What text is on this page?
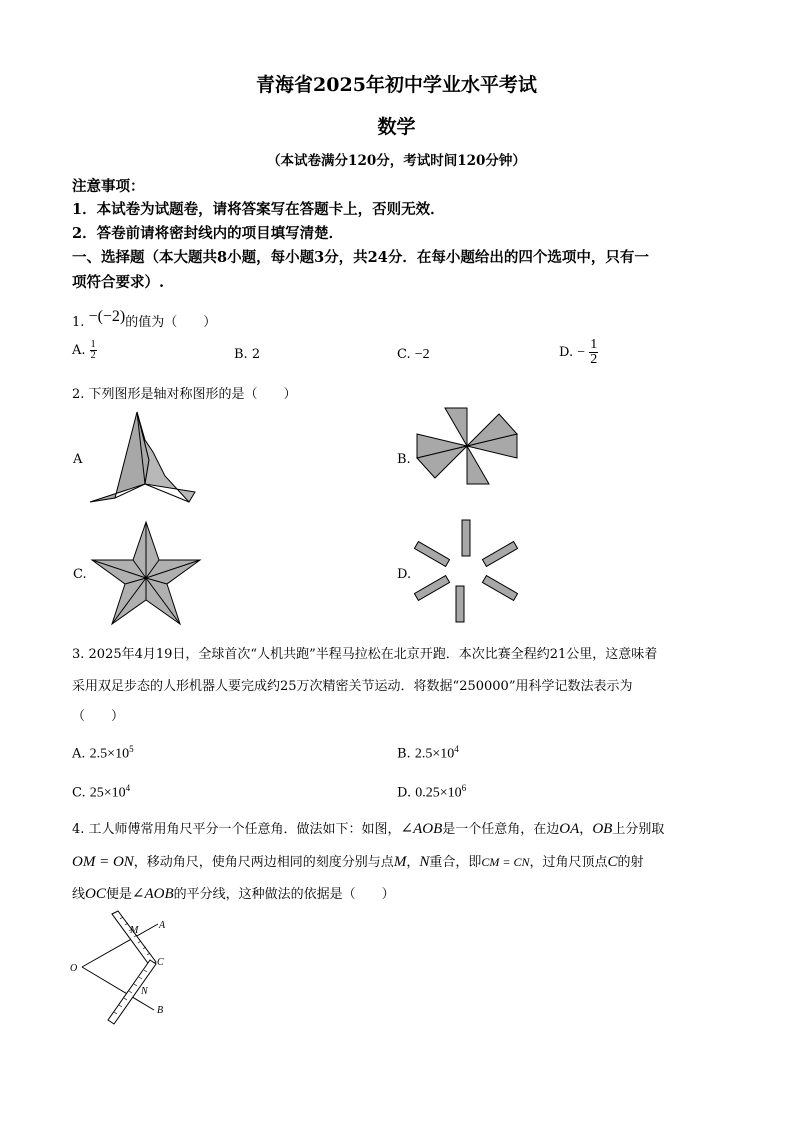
青海省2025年初中学业水平考试
数学
（本试卷满分120分，考试时间120分钟）
注意事项：
1．本试卷为试题卷，请将答案写在答题卡上，否则无效．
2．答卷前请将密封线内的项目填写清楚．
一、选择题（本大题共8小题，每小题3分，共24分．在每小题给出的四个选项中，只有一
项符合要求）.
1. −(−2)的值为（　　）
A. $\frac{1}{2}$	B. 2	C. −2	D. − $\frac{1}{2}$
2. 下列图形是轴对称图形的是（　　）
A	B.
C.	D.
3. 2025年4月19日，全球首次“人机共跑”半程马拉松在北京开跑．本次比赛全程约21公里，这意味着
采用双足步态的人形机器人要完成约25万次精密关节运动．将数据“250000”用科学记数法表示为
（　　）
A. $2.5\times 10^5$	B. $2.5\times 10^4$
C. $25\times 10^4$	D. $0.25\times 10^6$
4. 工人师傅常用角尺平分一个任意角．做法如下：如图，∠AOB是一个任意角，在边OA，OB上分别取
OM = ON，移动角尺，使角尺两边相同的刻度分别与点M，N重合，即CM = CN，过角尺顶点C的射
线OC便是∠AOB的平分线，这种做法的依据是（　　）
O
M A
C
N
B
